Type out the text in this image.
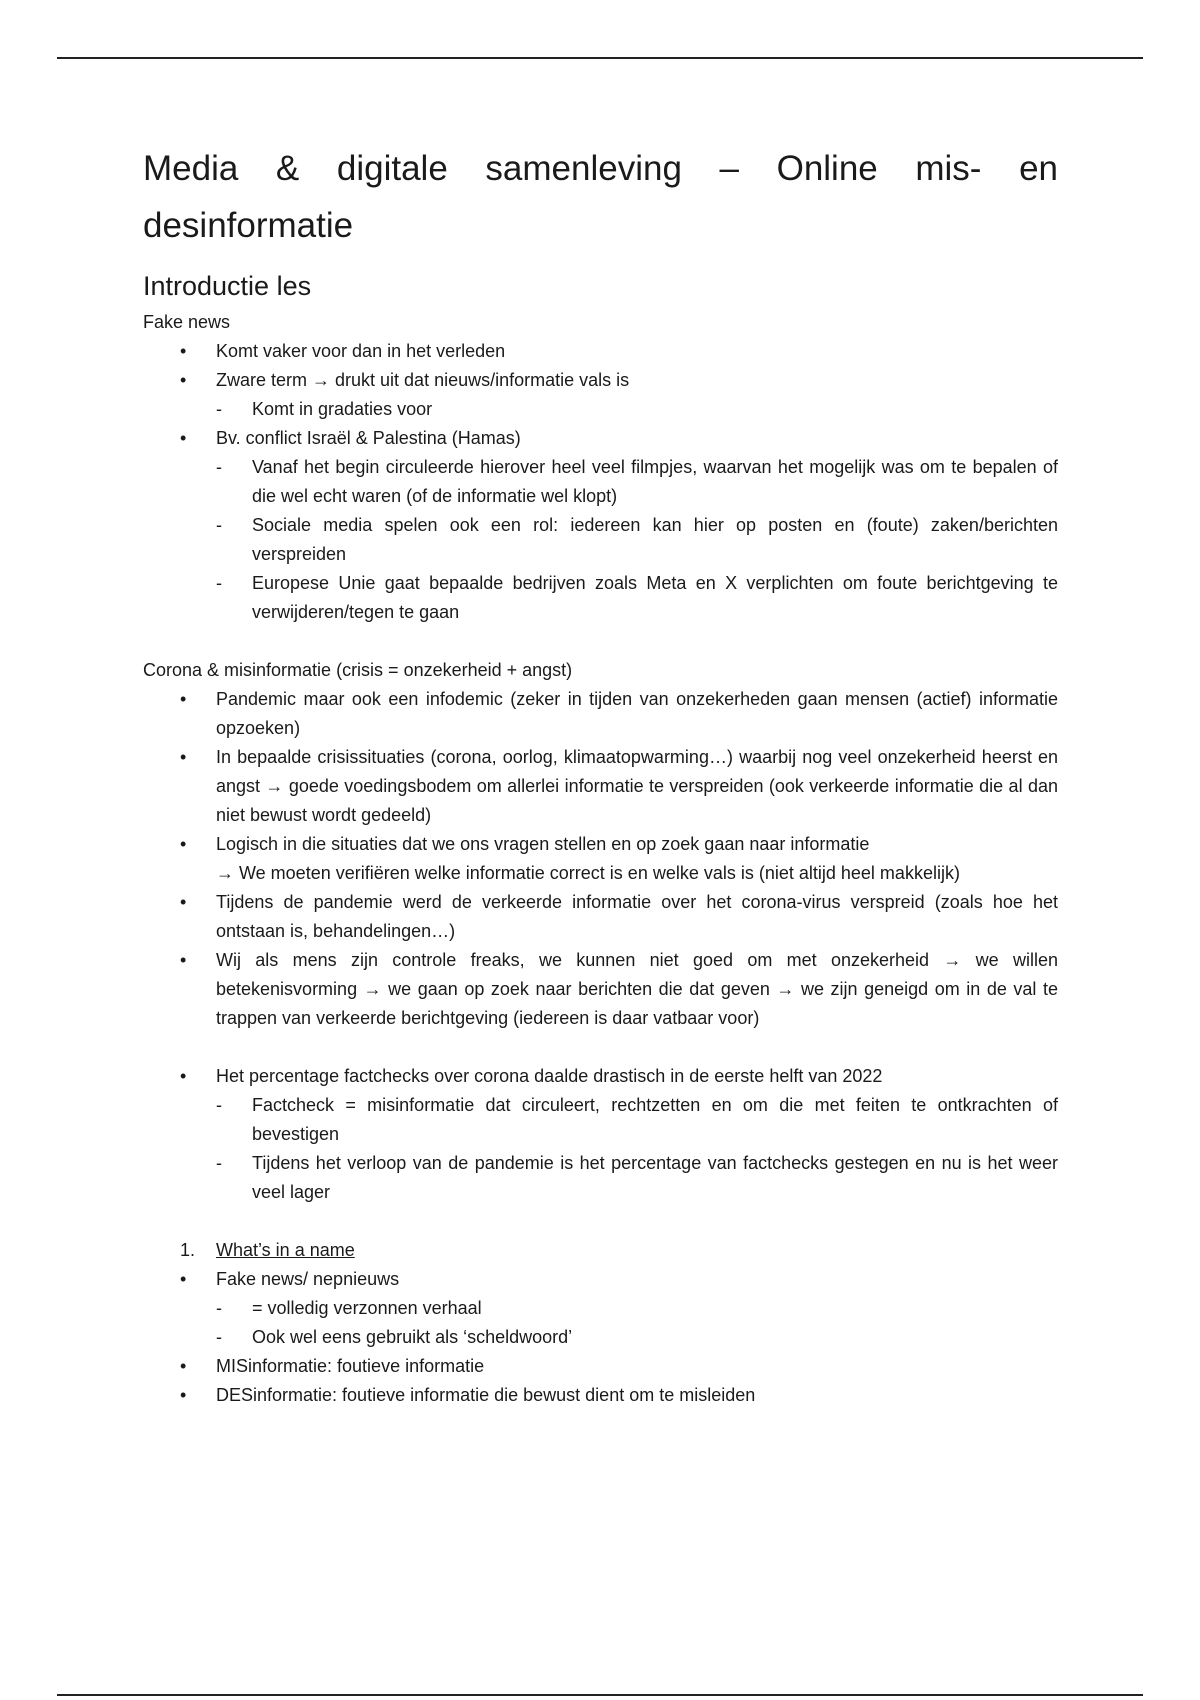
Media & digitale samenleving – Online mis- en desinformatie
Introductie les

Fake news

• Komt vaker voor dan in het verleden
• Zware term → drukt uit dat nieuws/informatie vals is
- Komt in gradaties voor
• Bv. conflict Israël & Palestina (Hamas)
- Vanaf het begin circuleerde hierover heel veel filmpjes, waarvan het mogelijk was om te bepalen of die wel echt waren (of de informatie wel klopt)
- Sociale media spelen ook een rol: iedereen kan hier op posten en (foute) zaken/berichten verspreiden
- Europese Unie gaat bepaalde bedrijven zoals Meta en X verplichten om foute berichtgeving te verwijderen/tegen te gaan

Corona & misinformatie (crisis = onzekerheid + angst)

• Pandemic maar ook een infodemic (zeker in tijden van onzekerheden gaan mensen (actief) informatie opzoeken)
• In bepaalde crisissituaties (corona, oorlog, klimaatopwarming…) waarbij nog veel onzekerheid heerst en angst → goede voedingsbodem om allerlei informatie te verspreiden (ook verkeerde informatie die al dan niet bewust wordt gedeeld)
• Logisch in die situaties dat we ons vragen stellen en op zoek gaan naar informatie
→ We moeten verifiëren welke informatie correct is en welke vals is (niet altijd heel makkelijk)
• Tijdens de pandemie werd de verkeerde informatie over het corona-virus verspreid (zoals hoe het ontstaan is, behandelingen…)
• Wij als mens zijn controle freaks, we kunnen niet goed om met onzekerheid → we willen betekenisvorming → we gaan op zoek naar berichten die dat geven → we zijn geneigd om in de val te trappen van verkeerde berichtgeving (iedereen is daar vatbaar voor)
• Het percentage factchecks over corona daalde drastisch in de eerste helft van 2022
- Factcheck = misinformatie dat circuleert, rechtzetten en om die met feiten te ontkrachten of bevestigen
- Tijdens het verloop van de pandemie is het percentage van factchecks gestegen en nu is het weer veel lager
1. What’s in a name
• Fake news/ nepnieuws
- = volledig verzonnen verhaal
- Ook wel eens gebruikt als ‘scheldwoord’
• MISinformatie: foutieve informatie
• DESinformatie: foutieve informatie die bewust dient om te misleiden
